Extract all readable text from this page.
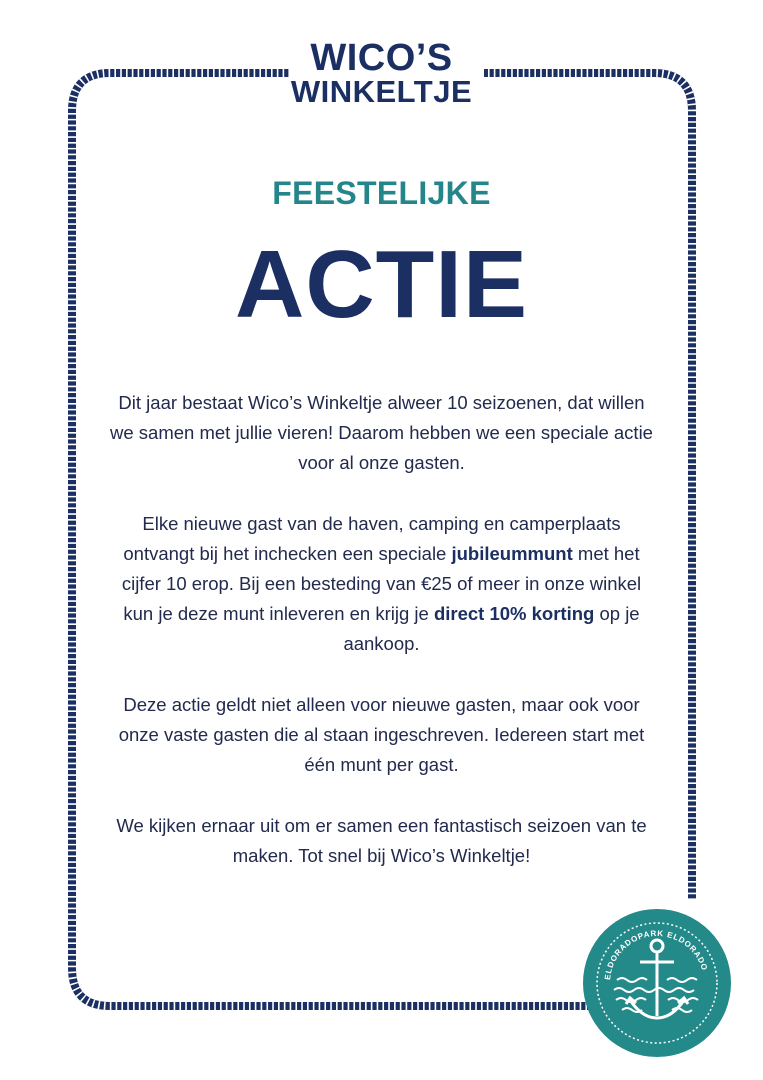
WICO’S
WINKELTJE
FEESTELIJKE
ACTIE

Dit jaar bestaat Wico’s Winkeltje alweer 10 seizoenen, dat willen we samen met jullie vieren! Daarom hebben we een speciale actie voor al onze gasten.

Elke nieuwe gast van de haven, camping en camperplaats ontvangt bij het inchecken een speciale jubileummunt met het cijfer 10 erop. Bij een besteding van €25 of meer in onze winkel kun je deze munt inleveren en krijg je direct 10% korting op je aankoop.

Deze actie geldt niet alleen voor nieuwe gasten, maar ook voor onze vaste gasten die al staan ingeschreven. Iedereen start met één munt per gast.

We kijken ernaar uit om er samen een fantastisch seizoen van te maken. Tot snel bij Wico’s Winkeltje!

ELDORADOPARK ELDORADO
